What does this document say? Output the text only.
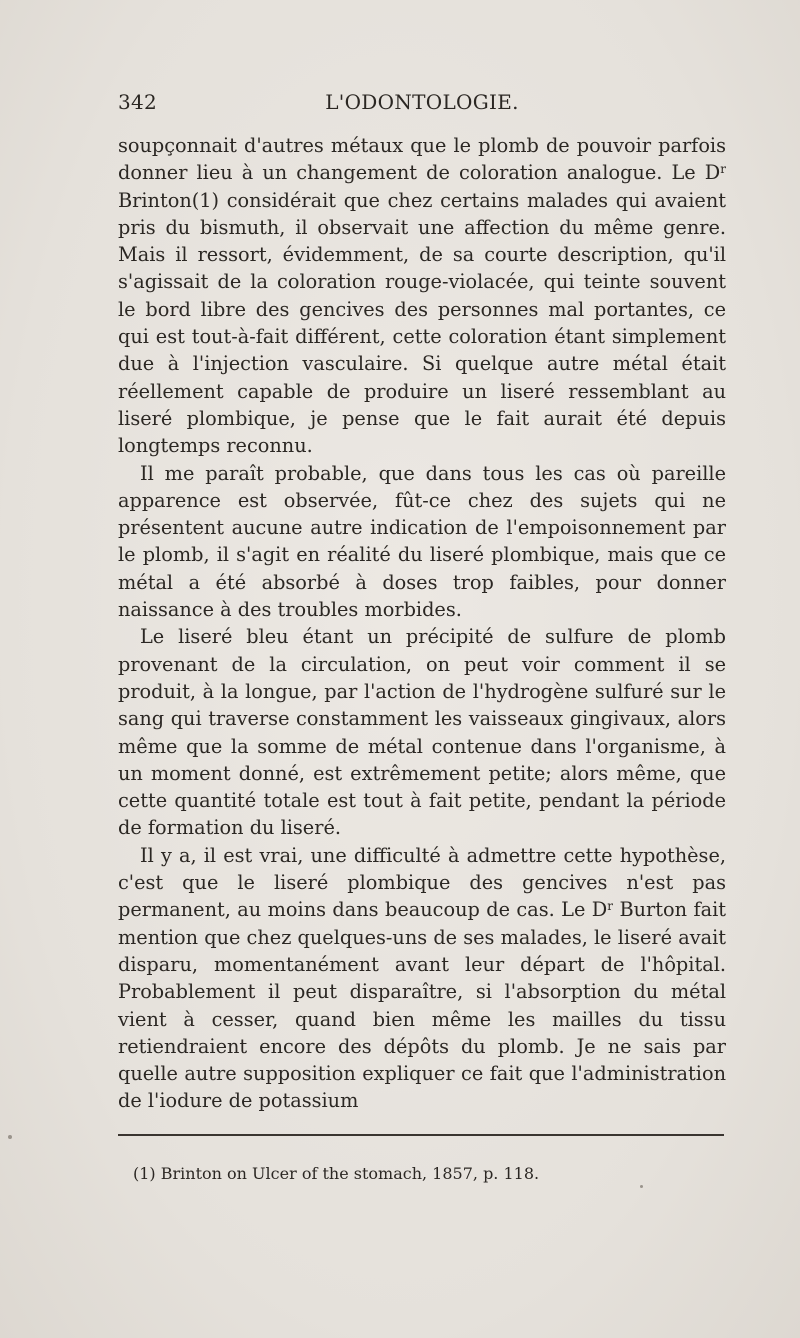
342	L'ODONTOLOGIE.

soupçonnait d'autres métaux que le plomb de pouvoir parfois donner lieu à un changement de coloration analogue. Le $D^r$ Brinton(1) considérait que chez certains malades qui avaient pris du bismuth, il observait une affection du même genre. Mais il ressort, évidemment, de sa courte description, qu'il s'agissait de la coloration rouge-violacée, qui teinte souvent le bord libre des gencives des personnes mal portantes, ce qui est tout-à-fait différent, cette coloration étant simplement due à l'injection vasculaire. Si quelque autre métal était réellement capable de produire un liseré ressemblant au liseré plombique, je pense que le fait aurait été depuis longtemps reconnu.

Il me paraît probable, que dans tous les cas où pareille apparence est observée, fût-ce chez des sujets qui ne présentent aucune autre indication de l'empoisonnement par le plomb, il s'agit en réalité du liseré plombique, mais que ce métal a été absorbé à doses trop faibles, pour donner naissance à des troubles morbides.

Le liseré bleu étant un précipité de sulfure de plomb provenant de la circulation, on peut voir comment il se produit, à la longue, par l'action de l'hydrogène sulfuré sur le sang qui traverse constamment les vaisseaux gingivaux, alors même que la somme de métal contenue dans l'organisme, à un moment donné, est extrêmement petite; alors même, que cette quantité totale est tout à fait petite, pendant la période de formation du liseré.

Il y a, il est vrai, une difficulté à admettre cette hypothèse, c'est que le liseré plombique des gencives n'est pas permanent, au moins dans beaucoup de cas. Le $D^r$ Burton fait mention que chez quelques-uns de ses malades, le liseré avait disparu, momentanément avant leur départ de l'hôpital. Probablement il peut disparaître, si l'absorption du métal vient à cesser, quand bien même les mailles du tissu retiendraient encore des dépôts du plomb. Je ne sais par quelle autre supposition expliquer ce fait que l'administration de l'iodure de potassium

(1) Brinton on Ulcer of the stomach, 1857, p. 118.
